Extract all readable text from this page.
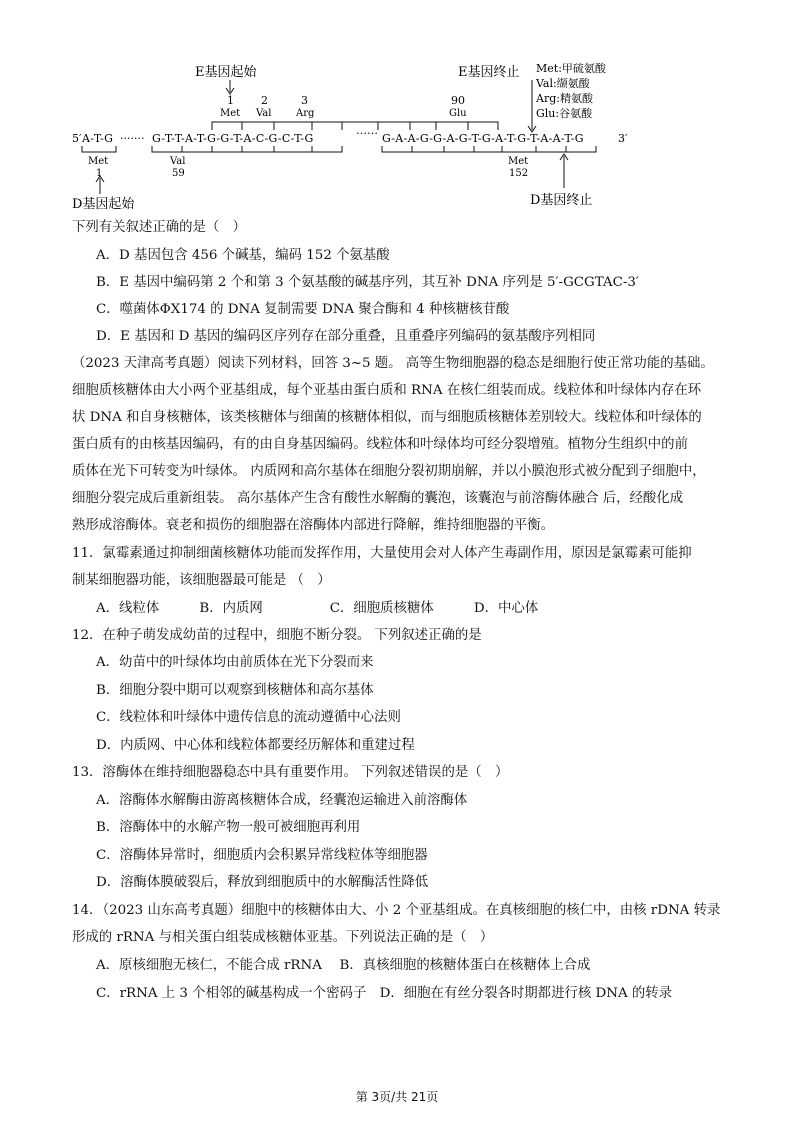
E基因起始	E基因终止 Met:甲硫氨酸
Val:缬氨酸
Arg:精氨酸
Glu:谷氨酸
1
Met
2
Val
3
Arg
90
Glu
5′ A-T-G ······· G-T-T-A-T-G-G-T-A-C-G-C-T-G
……
G-A-A-G-G-A-G-T-G-A-T-G-T-A-A-T-G	3′
Met
1
Val
59
Met
152
D基因起始	D基因终止
下列有关叙述正确的是（　）
A．D 基因包含 456 个碱基，编码 152 个氨基酸
B．E 基因中编码第 2 个和第 3 个氨基酸的碱基序列，其互补 DNA 序列是 5′-GCGTAC-3′
C．噬菌体ΦX174 的 DNA 复制需要 DNA 聚合酶和 4 种核糖核苷酸
D．E 基因和 D 基因的编码区序列存在部分重叠，且重叠序列编码的氨基酸序列相同
（2023 天津高考真题）阅读下列材料，回答 3~5 题。 高等生物细胞器的稳态是细胞行使正常功能的基础。
细胞质核糖体由大小两个亚基组成，每个亚基由蛋白质和 RNA 在核仁组装而成。线粒体和叶绿体内存在环
状 DNA 和自身核糖体，该类核糖体与细菌的核糖体相似，而与细胞质核糖体差别较大。线粒体和叶绿体的
蛋白质有的由核基因编码，有的由自身基因编码。线粒体和叶绿体均可经分裂增殖。植物分生组织中的前
质体在光下可转变为叶绿体。 内质网和高尔基体在细胞分裂初期崩解，并以小膜泡形式被分配到子细胞中，
细胞分裂完成后重新组装。 高尔基体产生含有酸性水解酶的囊泡，该囊泡与前溶酶体融合 后，经酸化成
熟形成溶酶体。衰老和损伤的细胞器在溶酶体内部进行降解，维持细胞器的平衡。
11．氯霉素通过抑制细菌核糖体功能而发挥作用，大量使用会对人体产生毒副作用，原因是氯霉素可能抑
制某细胞器功能，该细胞器最可能是 （　）
A．线粒体　　　B．内质网　　　　　C．细胞质核糖体　　　D．中心体
12．在种子萌发成幼苗的过程中，细胞不断分裂。 下列叙述正确的是
A．幼苗中的叶绿体均由前质体在光下分裂而来
B．细胞分裂中期可以观察到核糖体和高尔基体
C．线粒体和叶绿体中遗传信息的流动遵循中心法则
D．内质网、中心体和线粒体都要经历解体和重建过程
13．溶酶体在维持细胞器稳态中具有重要作用。 下列叙述错误的是（　）
A．溶酶体水解酶由游离核糖体合成，经囊泡运输进入前溶酶体
B．溶酶体中的水解产物一般可被细胞再利用
C．溶酶体异常时，细胞质内会积累异常线粒体等细胞器
D．溶酶体膜破裂后，释放到细胞质中的水解酶活性降低
14．（2023 山东高考真题）细胞中的核糖体由大、小 2 个亚基组成。在真核细胞的核仁中，由核 rDNA 转录
形成的 rRNA 与相关蛋白组装成核糖体亚基。下列说法正确的是（　）
A．原核细胞无核仁，不能合成 rRNA　 B．真核细胞的核糖体蛋白在核糖体上合成
C．rRNA 上 3 个相邻的碱基构成一个密码子　D．细胞在有丝分裂各时期都进行核 DNA 的转录
第 3页/共 21页
